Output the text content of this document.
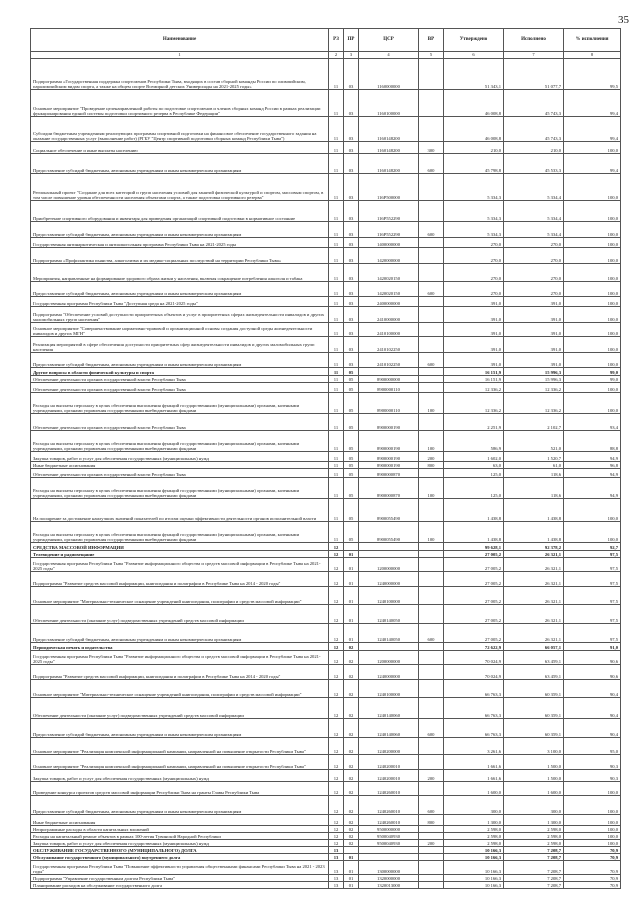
35
Наименование	РЗ	ПР	ЦСР	ВР	Утверждено	Исполнено	% исполнения
1	2	3	4	5	6	7	8
Подпрограмма «Государственная поддержка спортсменов Республики Тыва, входящих в состав сборной команды России по олимпийским, паралимпийским видам спорта, а также на общем спорте Всемирной детских Универсиады на 2021-2025 годы»	11	03	1160000000		51 343,1	51 077,7	99,5
Основное мероприятие "Проведение целенаправленной работы по подготовке спортсменов и членов сборных команд России в рамках реализации функционирования единой системы подготовки спортивного резерва в Республике Федерации"	11	03	1160100000		46 008,8	45 743,3	99,4
Субсидии бюджетным учреждениям реализующих программы спортивной подготовки на финансовое обеспечение государственного задания на оказание государственных услуг (выполнение работ) (РГБУ "Центр спортивной подготовки сборных команд Республики Тыва")	11	03	1160148200		46 008,8	45 743,3	99,4
Социальное обеспечение и иные выплаты населению	11	03	1160148200	300	210,0	210,0	100,0
Предоставление субсидий бюджетным, автономным учреждениям и иным некоммерческим организациям	11	03	1160148200	600	45 798,8	45 533,3	99,4
Региональный проект "Создание для всех категорий и групп населения условий для занятий физической культурой и спортом, массовым спортом, в том числе повышение уровня обеспеченности населения объектами спорта, а также подготовка спортивного резерва"	11	03	116P500000		5 334,3	5 334,4	100,0
Приобретение спортивного оборудования и инвентаря для приведения организаций спортивной подготовки в нормативное состояние	11	03	116P552290		5 334,3	5 334,4	100,0
Предоставление субсидий бюджетным, автономным учреждениям и иным некоммерческим организациям	11	03	116P552290	600	5 334,3	5 334,4	100,0
Государственная антинаркотическая и антиалкогольная программа Республики Тыва на 2021-2025 годы	11	03	1400000000		270,0	270,0	100,0
Подпрограмма «Профилактика пьянства, алкоголизма и их медико-социальных последствий на территории Республики Тыва»	11	03	1420000000		270,0	270,0	100,0
Мероприятия, направленные на формирование здорового образа жизни у населения, включая сокращение потребления алкоголя и табака	11	03	1420020150		270,0	270,0	100,0
Предоставление субсидий бюджетным, автономным учреждениям и иным некоммерческим организациям	11	03	1420020150	600	270,0	270,0	100,0
Государственная программа Республики Тыва "Доступная среда на 2021-2025 годы"	11	03	2400000000		391,0	391,0	100,0
Подпрограмма "Обеспечение условий доступности приоритетных объектов и услуг в приоритетных сферах жизнедеятельности инвалидов и других маломобильных групп населения"	11	03	2410000000		391,0	391,0	100,0
Основное мероприятие "Совершенствование нормативно-правовой и организационной основы создания доступной среды жизнедеятельности инвалидов и других МГН"	11	03	2410100000		391,0	391,0	100,0
Реализация мероприятий в сфере обеспечения доступности приоритетных сфер жизнедеятельности инвалидов и других маломобильных групп населения	11	03	2410102250		391,0	391,0	100,0
Предоставление субсидий бюджетным, автономным учреждениям и иным некоммерческим организациям	11	03	2410102250	600	391,0	391,0	100,0
Другие вопросы в области физической культуры и спорта	11	05			16 151,9	15 996,3	99,0
Обеспечение деятельности органов государственной власти Республики Тыва	11	05	8900000000		16 151,9	15 996,3	99,0
Обеспечение деятельности органов государственной власти Республики Тыва	11	05	8900000110		12 336,2	12 336,2	100,0
Расходы на выплаты персоналу в целях обеспечения выполнения функций государственными (муниципальными) органами, казенными учреждениями, органами управления государственными внебюджетными фондами	11	05	8900000110	100	12 336,2	12 336,2	100,0
Обеспечение деятельности органов государственной власти Республики Тыва	11	05	8900000190		2 251,9	2 102,7	93,4
Расходы на выплаты персоналу в целях обеспечения выполнения функций государственными (муниципальными) органами, казенными учреждениями, органами управления государственными внебюджетными фондами	11	05	8900000190	100	586,9	521,0	88,8
Закупка товаров, работ и услуг для обеспечения государственных (муниципальных) нужд	11	05	8900000190	200	1 602,0	1 520,7	94,9
Иные бюджетные ассигнования	11	05	8900000190	800	63,0	61,0	96,8
Обеспечение деятельности органов государственной власти Республики Тыва	11	05	8900000870		125,0	118,6	94,9
Расходы на выплаты персоналу в целях обеспечения выполнения функций государственными (муниципальными) органами, казенными учреждениями, органами управления государственными внебюджетными фондами	11	05	8900000870	100	125,0	118,6	94,9
На поощрение за достижение наилучших значений показателей по итогам оценки эффективности деятельности органов исполнительной власти	11	05	8900055490		1 438,8	1 438,8	100,0
Расходы на выплаты персоналу в целях обеспечения выполнения функций государственными (муниципальными) органами, казенными учреждениями, органами управления государственными внебюджетными фондами	11	05	8900055490	100	1 438,8	1 438,8	100,0
СРЕДСТВА МАССОВОЙ ИНФОРМАЦИИ	12				99 628,1	92 378,2	92,7
Телевидение и радиовещание	12	01			27 005,2	26 321,1	97,5
Государственная программа Республики Тыва "Развитие информационного общества и средств массовой информации в Республике Тыва на 2021-2025 годы"	12	01	1200000000		27 005,2	26 321,1	97,5
Подпрограмма "Развитие средств массовой информации, книгоиздания и полиграфии в Республике Тыва на 2014 - 2020 годы"	12	01	1240000000		27 005,2	26 321,1	97,5
Основное мероприятие "Материально-техническое оснащение учреждений книгоиздания, полиграфии и средств массовой информации"	12	01	1240100000		27 005,2	26 321,1	97,5
Обеспечение деятельности (оказание услуг) подведомственных учреждений средств массовой информации	12	01	1240140050		27 005,2	26 321,1	97,5
Предоставление субсидий бюджетным, автономным учреждениям и иным некоммерческим организациям	12	01	1240140050	600	27 005,2	26 321,1	97,5
Периодическая печать и издательства	12	02			72 622,9	66 057,1	91,0
Государственная программа Республики Тыва "Развитие информационного общества и средств массовой информации в Республике Тыва на 2021-2025 годы"	12	02	1200000000		70 024,9	63 459,1	90,6
Подпрограмма "Развитие средств массовой информации, книгоиздания и полиграфии в Республике Тыва на 2014 - 2020 годы"	12	02	1240000000		70 024,9	63 459,1	90,6
Основное мероприятие "Материально-техническое оснащение учреждений книгоиздания, полиграфии и средств массовой информации"	12	02	1240100000		66 763,3	60 359,1	90,4
Обеспечение деятельности (оказание услуг) подведомственных учреждений средств массовой информации	12	02	1240140060		66 763,3	60 359,1	90,4
Предоставление субсидий бюджетным, автономным учреждениям и иным некоммерческим организациям	12	02	1240140060	600	66 763,3	60 359,1	90,4
Основное мероприятие "Реализация комплексной информационной кампании, направленной на повышение открытости Республики Тыва"	12	02	1240200000		3 261,6	3 100,0	95,0
Основное мероприятие "Реализация комплексной информационной кампании, направленной на повышение открытости Республики Тыва"	12	02	1240200010		1 661,6	1 500,0	90,3
Закупка товаров, работ и услуг для обеспечения государственных (муниципальных) нужд	12	02	1240200010	200	1 661,6	1 500,0	90,3
Проведение конкурса проектов средств массовой информации Республики Тыва на гранты Главы Республики Тыва	12	02	1240260010		1 600,0	1 600,0	100,0
Предоставление субсидий бюджетным, автономным учреждениям и иным некоммерческим организациям	12	02	1240260010	600	300,0	300,0	100,0
Иные бюджетные ассигнования	12	02	1240260010	800	1 300,0	1 300,0	100,0
Непрограммные расходы в области капитальных вложений	12	02	9500000000		2 598,0	2 598,0	100,0
Расходы на капитальный ремонт объектов в рамках 100-летия Тувинской Народной Республики	12	02	9500040930		2 598,0	2 598,0	100,0
Закупка товаров, работ и услуг для обеспечения государственных (муниципальных) нужд	12	02	9500040930	200	2 598,0	2 598,0	100,0
ОБСЛУЖИВАНИЕ ГОСУДАРСТВЕННОГО (МУНИЦИПАЛЬНОГО) ДОЛГА	13				10 166,3	7 208,7	70,9
Обслуживание государственного (муниципального) внутреннего долга	13	01			10 166,3	7 208,7	70,9
Государственная программа Республики Тыва "Повышение эффективности управления общественными финансами Республики Тыва на 2021 - 2023 годы"	13	01	1300000000		10 166,3	7 208,7	70,9
Подпрограмма "Управление государственным долгом Республики Тыва"	13	01	1320000000		10 166,3	7 208,7	70,9
Планирование расходов на обслуживание государственного долга	13	01	1320013000		10 166,3	7 208,7	70,9
